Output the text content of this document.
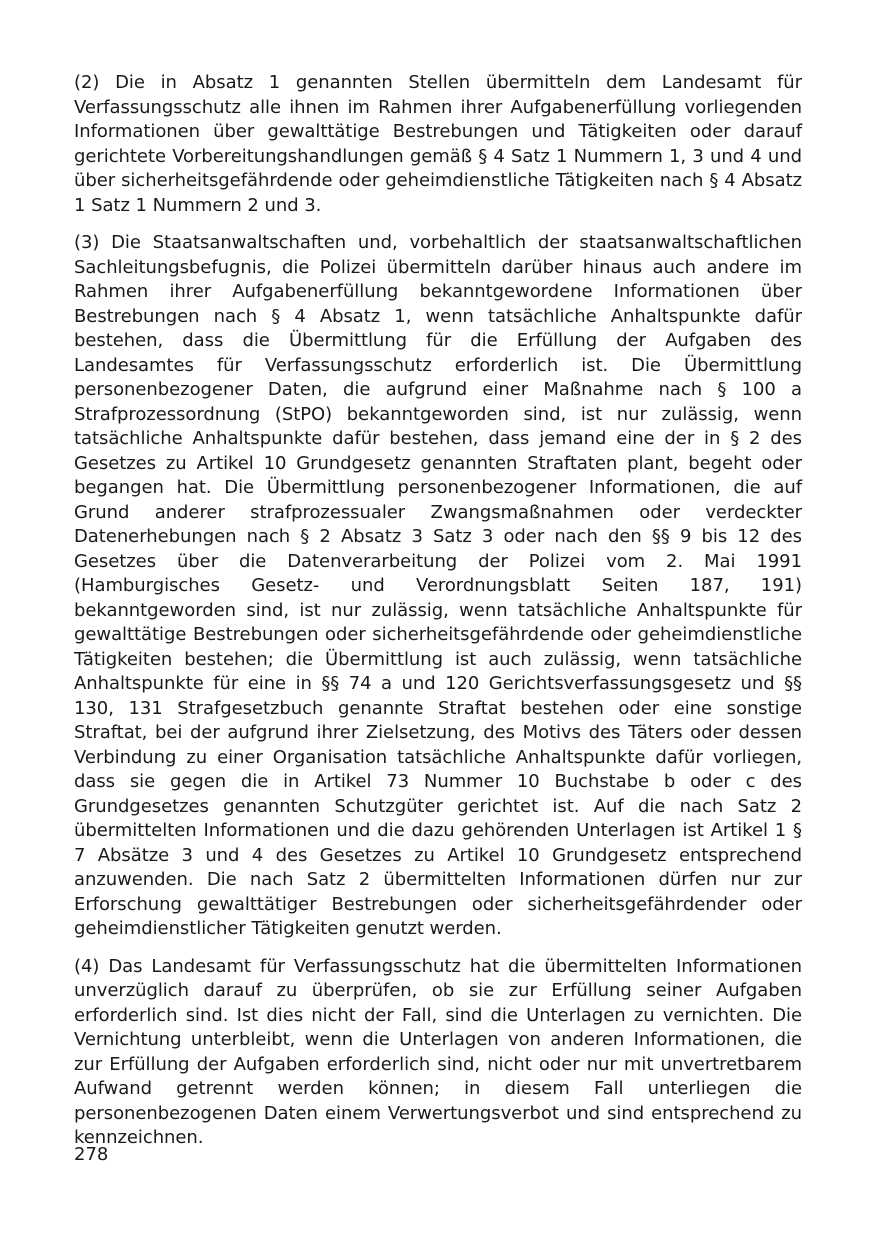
(2) Die in Absatz 1 genannten Stellen übermitteln dem Landesamt für Verfassungsschutz alle ihnen im Rahmen ihrer Aufgabenerfüllung vorliegenden Informationen über gewalttätige Bestrebungen und Tätigkeiten oder darauf gerichtete Vorbereitungshandlungen gemäß § 4 Satz 1 Nummern 1, 3 und 4 und über sicherheitsgefährdende oder geheimdienstliche Tätigkeiten nach § 4 Absatz 1 Satz 1 Nummern 2 und 3.

(3) Die Staatsanwaltschaften und, vorbehaltlich der staatsanwaltschaftlichen Sachleitungsbefugnis, die Polizei übermitteln darüber hinaus auch andere im Rahmen ihrer Aufgabenerfüllung bekanntgewordene Informationen über Bestrebungen nach § 4 Absatz 1, wenn tatsächliche Anhaltspunkte dafür bestehen, dass die Übermittlung für die Erfüllung der Aufgaben des Landesamtes für Verfassungsschutz erforderlich ist. Die Übermittlung personenbezogener Daten, die aufgrund einer Maßnahme nach § 100 a Strafprozessordnung (StPO) bekanntgeworden sind, ist nur zulässig, wenn tatsächliche Anhaltspunkte dafür bestehen, dass jemand eine der in § 2 des Gesetzes zu Artikel 10 Grundgesetz genannten Straftaten plant, begeht oder begangen hat. Die Übermittlung personenbezogener Informationen, die auf Grund anderer strafprozessualer Zwangsmaßnahmen oder verdeckter Datenerhebungen nach § 2 Absatz 3 Satz 3 oder nach den §§ 9 bis 12 des Gesetzes über die Datenverarbeitung der Polizei vom 2. Mai 1991 (Hamburgisches Gesetz- und Verordnungsblatt Seiten 187, 191) bekanntgeworden sind, ist nur zulässig, wenn tatsächliche Anhaltspunkte für gewalttätige Bestrebungen oder sicherheitsgefährdende oder geheimdienstliche Tätigkeiten bestehen; die Übermittlung ist auch zulässig, wenn tatsächliche Anhaltspunkte für eine in §§ 74 a und 120 Gerichtsverfassungsgesetz und §§ 130, 131 Strafgesetzbuch genannte Straftat bestehen oder eine sonstige Straftat, bei der aufgrund ihrer Zielsetzung, des Motivs des Täters oder dessen Verbindung zu einer Organisation tatsächliche Anhaltspunkte dafür vorliegen, dass sie gegen die in Artikel 73 Nummer 10 Buchstabe b oder c des Grundgesetzes genannten Schutzgüter gerichtet ist. Auf die nach Satz 2 übermittelten Informationen und die dazu gehörenden Unterlagen ist Artikel 1 § 7 Absätze 3 und 4 des Gesetzes zu Artikel 10 Grundgesetz entsprechend anzuwenden. Die nach Satz 2 übermittelten Informationen dürfen nur zur Erforschung gewalttätiger Bestrebungen oder sicherheitsgefährdender oder geheimdienstlicher Tätigkeiten genutzt werden.

(4) Das Landesamt für Verfassungsschutz hat die übermittelten Informationen unverzüglich darauf zu überprüfen, ob sie zur Erfüllung seiner Aufgaben erforderlich sind. Ist dies nicht der Fall, sind die Unterlagen zu vernichten. Die Vernichtung unterbleibt, wenn die Unterlagen von anderen Informationen, die zur Erfüllung der Aufgaben erforderlich sind, nicht oder nur mit unvertretbarem Aufwand getrennt werden können; in diesem Fall unterliegen die personenbezogenen Daten einem Verwertungsverbot und sind entsprechend zu kennzeichnen.

278
